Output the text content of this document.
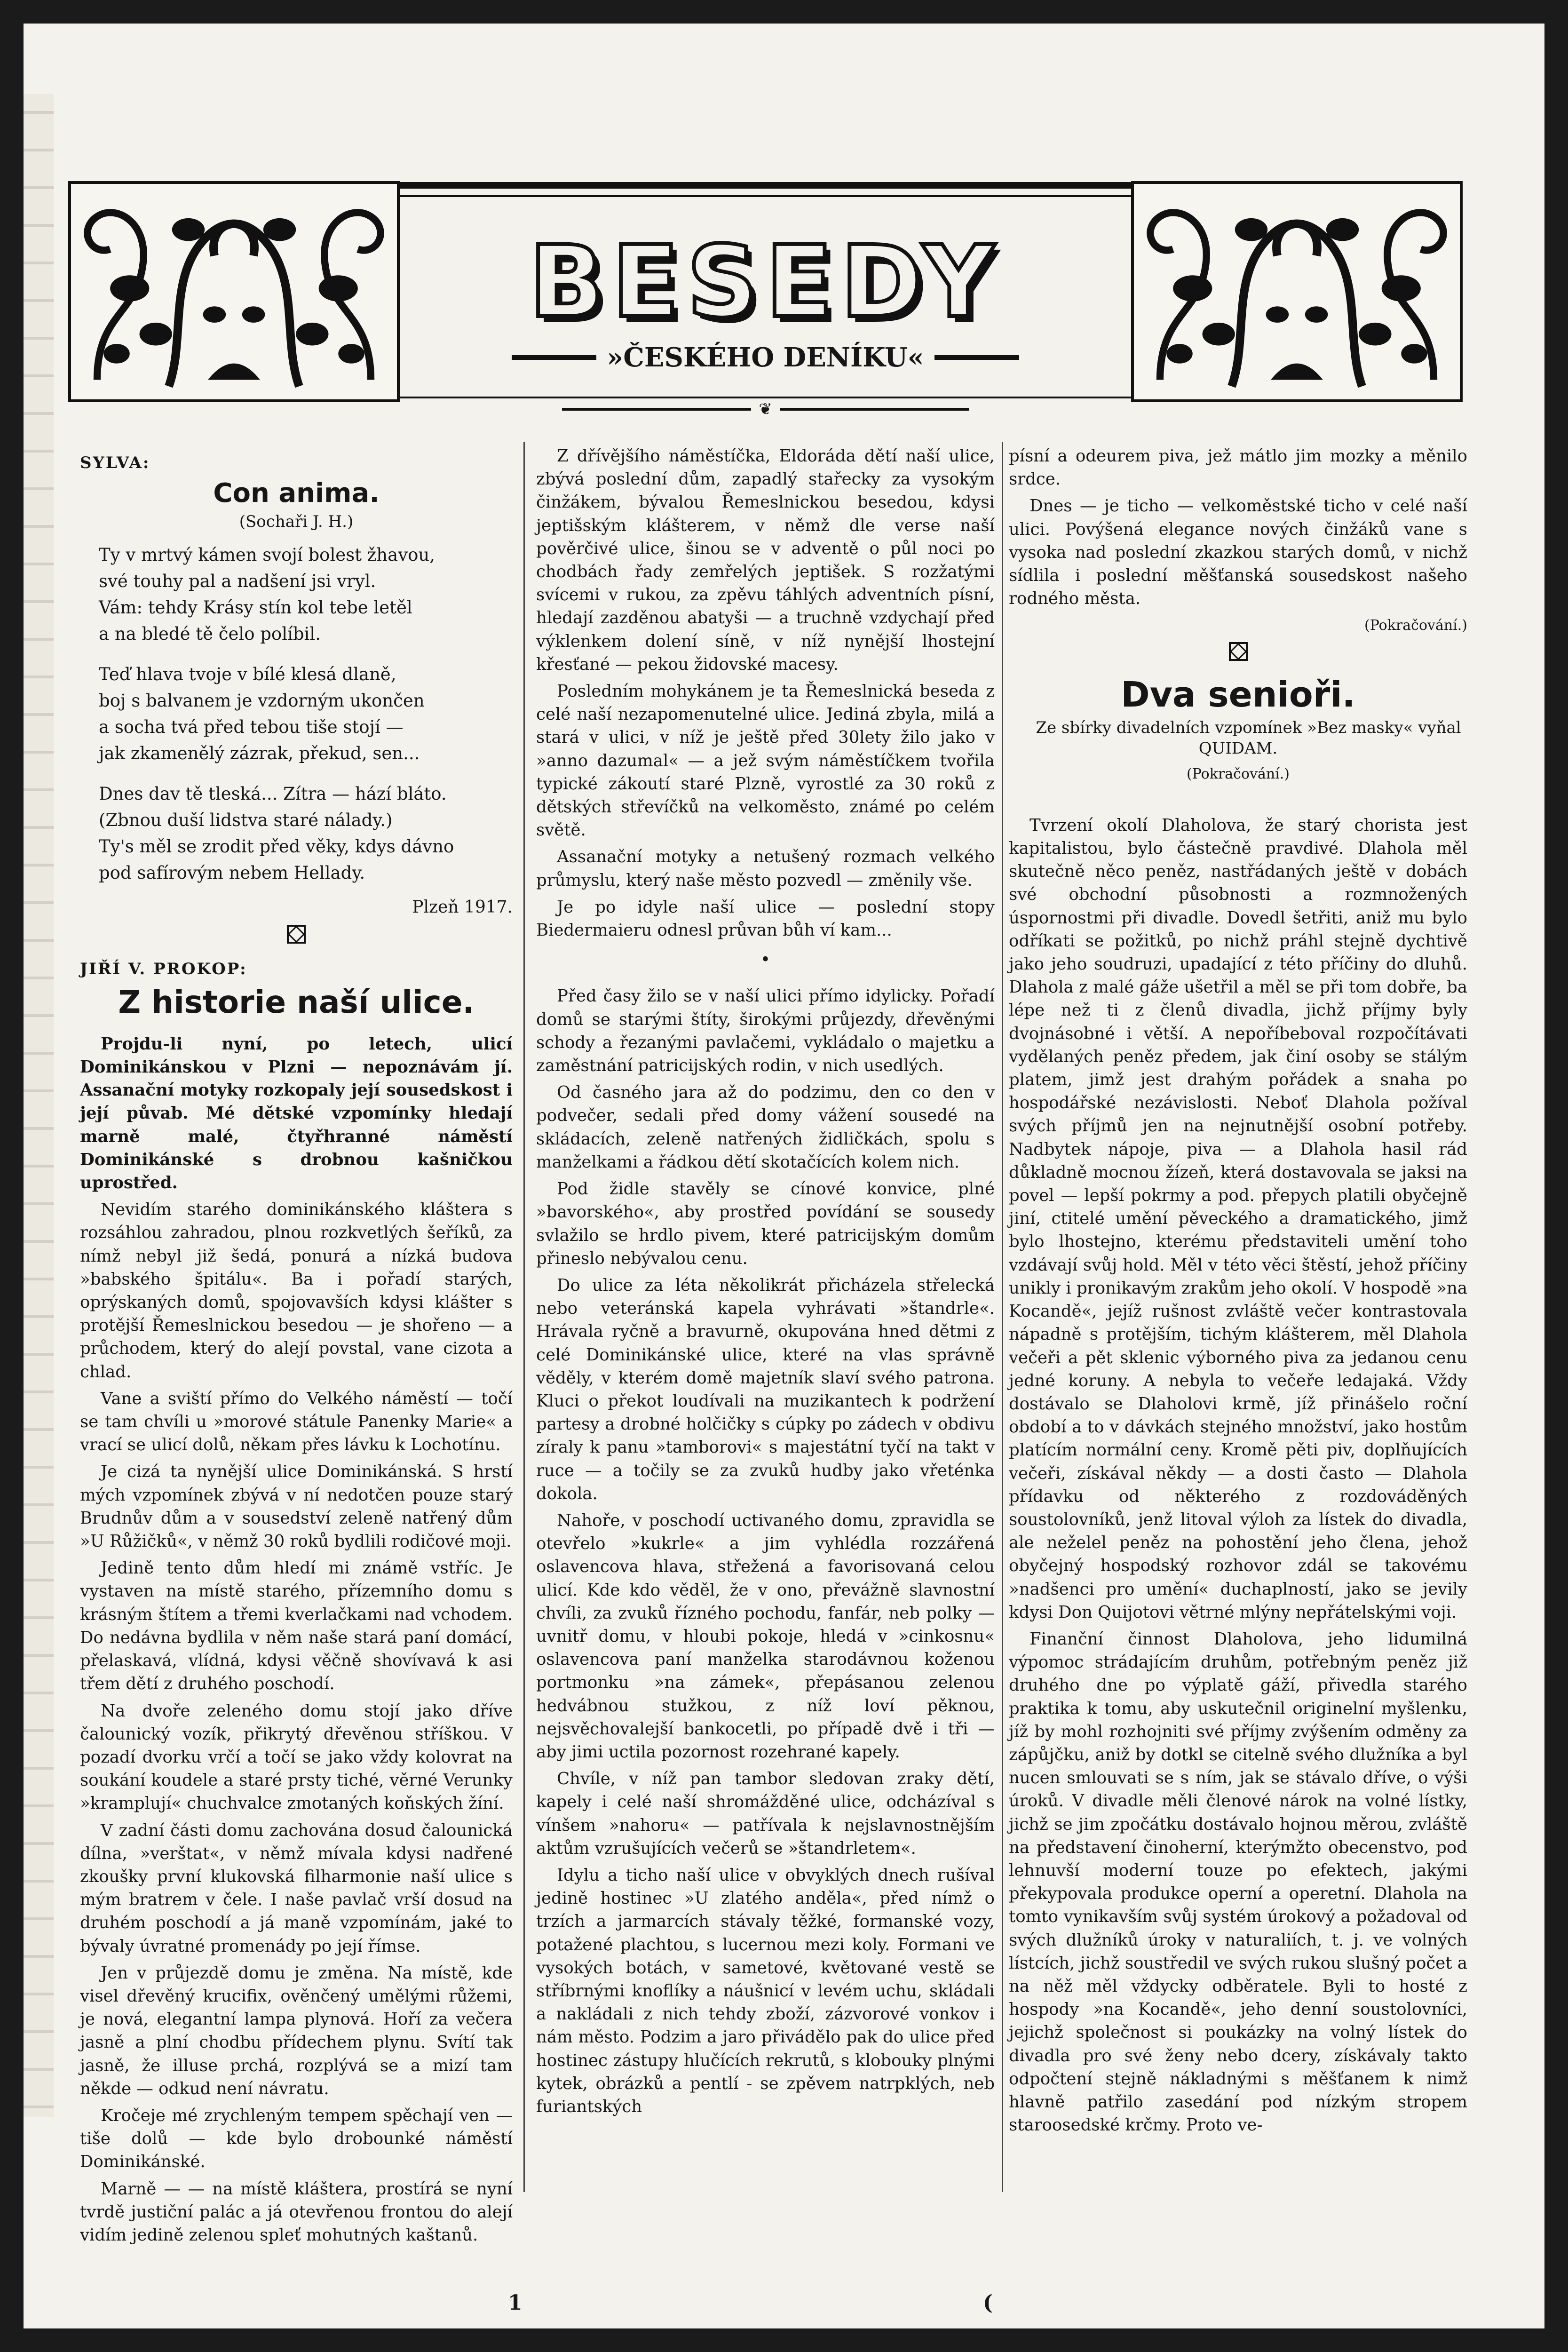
BESEDY
»ČESKÉHO DENÍKU«
❦

SYLVA:

Con anima.
(Sochaři J. H.)
Ty v mrtvý kámen svojí bolest žhavou,
své touhy pal a nadšení jsi vryl.
Vám: tehdy Krásy stín kol tebe letěl
a na bledé tě čelo políbil.
Teď hlava tvoje v bílé klesá dlaně,
boj s balvanem je vzdorným ukončen
a socha tvá před tebou tiše stojí —
jak zkamenělý zázrak, překud, sen...
Dnes dav tě tleská... Zítra — hází bláto.
(Zbnou duší lidstva staré nálady.)
Ty's měl se zrodit před věky, kdys dávno
pod safírovým nebem Hellady.
Plzeň 1917.

JIŘÍ V. PROKOP:

Z historie naší ulice.

Projdu-li nyní, po letech, ulicí Dominikánskou v Plzni — nepoznávám jí. Assanační motyky rozkopaly její sousedskost i její půvab. Mé dětské vzpomínky hledají marně malé, čtyřhranné náměstí Dominikánské s drobnou kašničkou uprostřed.

Nevidím starého dominikánského kláštera s rozsáhlou zahradou, plnou rozkvetlých šeříků, za nímž nebyl již šedá, ponurá a nízká budova »babského špitálu«. Ba i pořadí starých, oprýskaných domů, spojovavších kdysi klášter s protější Řemeslnickou besedou — je shořeno — a průchodem, který do alejí povstal, vane cizota a chlad.

Vane a sviští přímo do Velkého náměstí — točí se tam chvíli u »morové státule Panenky Marie« a vrací se ulicí dolů, někam přes lávku k Lochotínu.

Je cizá ta nynější ulice Dominikánská. S hrstí mých vzpomínek zbývá v ní nedotčen pouze starý Brudnův dům a v sousedství zeleně natřený dům »U Růžičků«, v němž 30 roků bydlili rodičové moji.

Jedině tento dům hledí mi známě vstříc. Je vystaven na místě starého, přízemního domu s krásným štítem a třemi kverlačkami nad vchodem. Do nedávna bydlila v něm naše stará paní domácí, přelaskavá, vlídná, kdysi věčně shovívavá k asi třem dětí z druhého poschodí.

Na dvoře zeleného domu stojí jako dříve čalounický vozík, přikrytý dřevěnou stříškou. V pozadí dvorku vrčí a točí se jako vždy kolovrat na soukání koudele a staré prsty tiché, věrné Verunky »kramplují« chuchvalce zmotaných koňských žíní.

V zadní části domu zachována dosud čalounická dílna, »verštat«, v němž mívala kdysi nadřené zkoušky první klukovská filharmonie naší ulice s mým bratrem v čele. I naše pavlač vrší dosud na druhém poschodí a já maně vzpomínám, jaké to bývaly úvratné promenády po její římse.

Jen v průjezdě domu je změna. Na místě, kde visel dřevěný krucifix, ověnčený umělými růžemi, je nová, elegantní lampa plynová. Hoří za večera jasně a plní chodbu přídechem plynu. Svítí tak jasně, že illuse prchá, rozplývá se a mizí tam někde — odkud není návratu.

Kročeje mé zrychleným tempem spěchají ven — tiše dolů — kde bylo drobounké náměstí Dominikánské.

Marně — — na místě kláštera, prostírá se nyní tvrdě justiční palác a já otevřenou frontou do alejí vidím jedině zelenou spleť mohutných kaštanů.

Z dřívějšího náměstíčka, Eldoráda dětí naší ulice, zbývá poslední dům, zapadlý stařecky za vysokým činžákem, bývalou Řemeslnickou besedou, kdysi jeptišským klášterem, v němž dle verse naší pověrčivé ulice, šinou se v adventě o půl noci po chodbách řady zemřelých jeptišek. S rozžatými svícemi v rukou, za zpěvu táhlých adventních písní, hledají zazděnou abatyši — a truchně vzdychají před výklenkem dolení síně, v níž nynější lhostejní křesťané — pekou židovské macesy.

Posledním mohykánem je ta Řemeslnická beseda z celé naší nezapomenutelné ulice. Jediná zbyla, milá a stará v ulici, v níž je ještě před 30lety žilo jako v »anno dazumal« — a jež svým náměstíčkem tvořila typické zákoutí staré Plzně, vyrostlé za 30 roků z dětských střevíčků na velkoměsto, známé po celém světě.

Assanační motyky a netušený rozmach velkého průmyslu, který naše město pozvedl — změnily vše.

Je po idyle naší ulice — poslední stopy Biedermaieru odnesl průvan bůh ví kam...

•

Před časy žilo se v naší ulici přímo idylicky. Pořadí domů se starými štíty, širokými průjezdy, dřevěnými schody a řezanými pavlačemi, vykládalo o majetku a zaměstnání patricijských rodin, v nich usedlých.

Od časného jara až do podzimu, den co den v podvečer, sedali před domy vážení sousedé na skládacích, zeleně natřených židličkách, spolu s manželkami a řádkou dětí skotačících kolem nich.

Pod židle stavěly se cínové konvice, plné »bavorského«, aby prostřed povídání se sousedy svlažilo se hrdlo pivem, které patricijským domům přineslo nebývalou cenu.

Do ulice za léta několikrát přicházela střelecká nebo veteránská kapela vyhrávati »štandrle«. Hrávala ryčně a bravurně, okupována hned dětmi z celé Dominikánské ulice, které na vlas správně věděly, v kterém domě majetník slaví svého patrona. Kluci o překot loudívali na muzikantech k podržení partesy a drobné holčičky s cúpky po zádech v obdivu zíraly k panu »tamborovi« s majestátní tyčí na takt v ruce — a točily se za zvuků hudby jako vřeténka dokola.

Nahoře, v poschodí uctivaného domu, zpravidla se otevřelo »kukrle« a jim vyhlédla rozzářená oslavencova hlava, střežená a favorisovaná celou ulicí. Kde kdo věděl, že v ono, převážně slavnostní chvíli, za zvuků řízného pochodu, fanfár, neb polky — uvnitř domu, v hloubi pokoje, hledá v »cinkosnu« oslavencova paní manželka starodávnou koženou portmonku »na zámek«, přepásanou zelenou hedvábnou stužkou, z níž loví pěknou, nejsvěchovalejší bankocetli, po případě dvě i tři — aby jimi uctila pozornost rozehrané kapely.

Chvíle, v níž pan tambor sledovan zraky dětí, kapely i celé naší shromážděné ulice, odcházíval s vínšem »nahoru« — patřívala k nejslavnostnějším aktům vzrušujících večerů se »štandrletem«.

Idylu a ticho naší ulice v obvyklých dnech rušíval jedině hostinec »U zlatého anděla«, před nímž o trzích a jarmarcích stávaly těžké, formanské vozy, potažené plachtou, s lucernou mezi koly. Formani ve vysokých botách, v sametové, květované vestě se stříbrnými knoflíky a náušnicí v levém uchu, skládali a nakládali z nich tehdy zboží, zázvorové vonkov i nám město. Podzim a jaro přivádělo pak do ulice před hostinec zástupy hlučících rekrutů, s klobouky plnými kytek, obrázků a pentlí - se zpěvem natrpklých, neb furiantských

písní a odeurem piva, jež mátlo jim mozky a měnilo srdce.

Dnes — je ticho — velkoměstské ticho v celé naší ulici. Povýšená elegance nových činžáků vane s vysoka nad poslední zkazkou starých domů, v nichž sídlila i poslední měšťanská sousedskost našeho rodného města.

(Pokračování.)
Dva senioři.

Ze sbírky divadelních vzpomínek »Bez masky« vyňal QUIDAM.

(Pokračování.)

Tvrzení okolí Dlaholova, že starý chorista jest kapitalistou, bylo částečně pravdivé. Dlahola měl skutečně něco peněz, nastřádaných ještě v dobách své obchodní působnosti a rozmnožených úspornostmi při divadle. Dovedl šetřiti, aniž mu bylo odříkati se požitků, po nichž práhl stejně dychtivě jako jeho soudruzi, upadající z této příčiny do dluhů. Dlahola z malé gáže ušetřil a měl se při tom dobře, ba lépe než ti z členů divadla, jichž příjmy byly dvojnásobné i větší. A nepoříbeboval rozpočítávati vydělaných peněz předem, jak činí osoby se stálým platem, jimž jest drahým pořádek a snaha po hospodářské nezávislosti. Neboť Dlahola požíval svých příjmů jen na nejnutnější osobní potřeby. Nadbytek nápoje, piva — a Dlahola hasil rád důkladně mocnou žízeň, která dostavovala se jaksi na povel — lepší pokrmy a pod. přepych platili obyčejně jiní, ctitelé umění pěveckého a dramatického, jimž bylo lhostejno, kterému představiteli umění toho vzdávají svůj hold. Měl v této věci štěstí, jehož příčiny unikly i pronikavým zrakům jeho okolí. V hospodě »na Kocandě«, jejíž rušnost zvláště večer kontrastovala nápadně s protějším, tichým klášterem, měl Dlahola večeři a pět sklenic výborného piva za jedanou cenu jedné koruny. A nebyla to večeře ledajaká. Vždy dostávalo se Dlaholovi krmě, jíž přinášelo roční období a to v dávkách stejného množství, jako hostům platícím normální ceny. Kromě pěti piv, doplňujících večeři, získával někdy — a dosti často — Dlahola přídavku od některého z rozdováděných soustolovníků, jenž litoval výloh za lístek do divadla, ale neželel peněz na pohostění jeho člena, jehož obyčejný hospodský rozhovor zdál se takovému »nadšenci pro umění« duchaplností, jako se jevily kdysi Don Quijotovi větrné mlýny nepřátelskými voji.

Finanční činnost Dlaholova, jeho lidumilná výpomoc strádajícím druhům, potřebným peněz již druhého dne po výplatě gáží, přivedla starého praktika k tomu, aby uskutečnil originelní myšlenku, jíž by mohl rozhojniti své příjmy zvýšením odměny za zápůjčku, aniž by dotkl se citelně svého dlužníka a byl nucen smlouvati se s ním, jak se stávalo dříve, o výši úroků. V divadle měli členové nárok na volné lístky, jichž se jim zpočátku dostávalo hojnou měrou, zvláště na představení činoherní, kterýmžto obecenstvo, pod lehnuvší moderní touze po efektech, jakými překypovala produkce operní a operetní. Dlahola na tomto vynikavším svůj systém úrokový a požadoval od svých dlužníků úroky v naturaliích, t. j. ve volných lístcích, jichž soustředil ve svých rukou slušný počet a na něž měl vždycky odběratele. Byli to hosté z hospody »na Kocandě«, jeho denní soustolovníci, jejichž společnost si poukázky na volný lístek do divadla pro své ženy nebo dcery, získávaly takto odpočtení stejně nákladnými s měšťanem k nimž hlavně patřilo zasedání pod nízkým stropem staroosedské krčmy. Proto ve-

1	(
